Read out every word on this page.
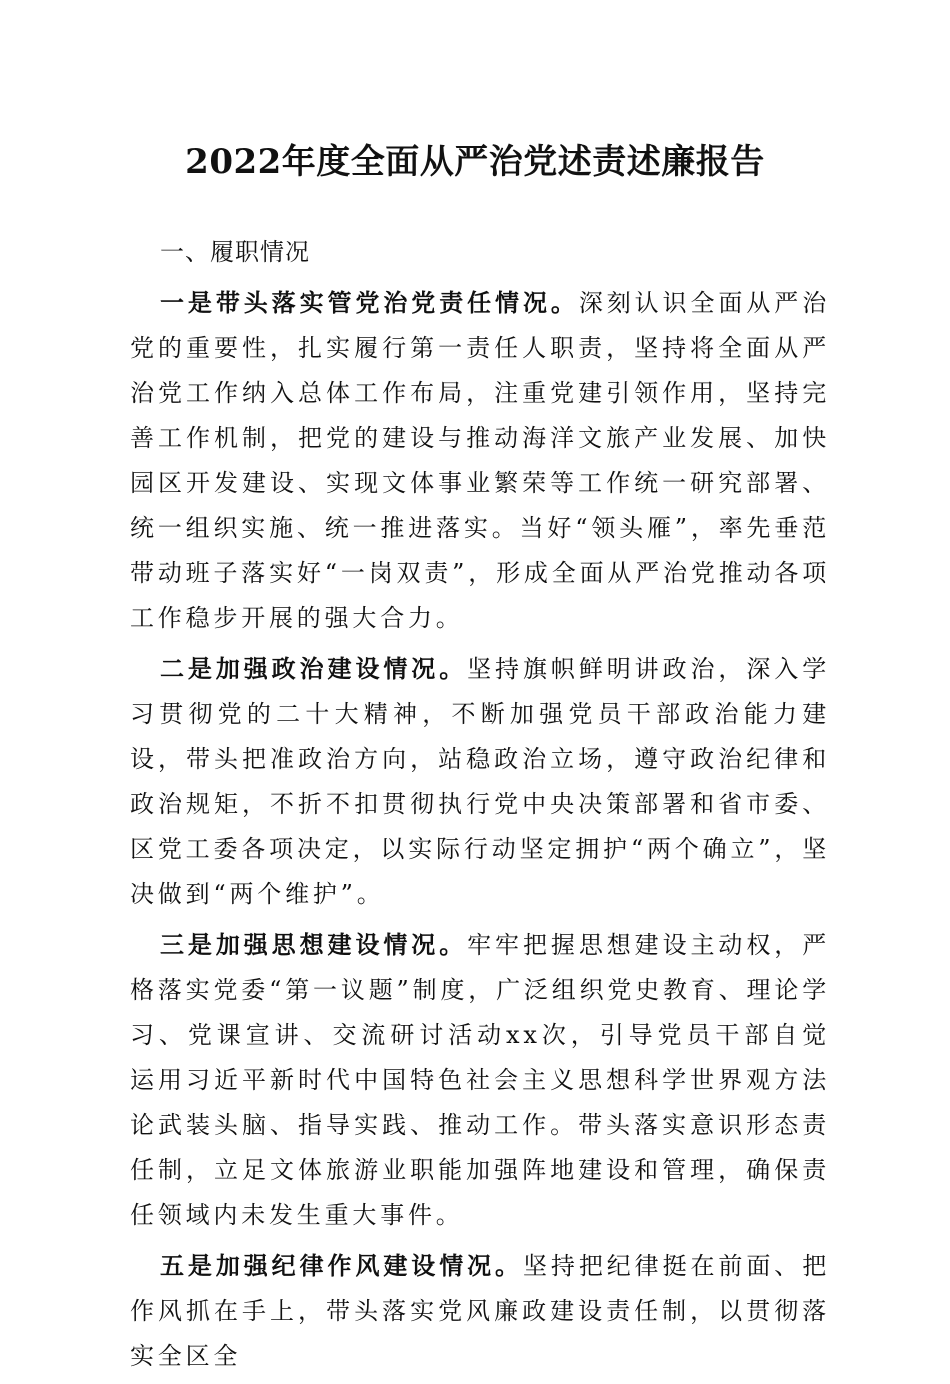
2022年度全面从严治党述责述廉报告

一、履职情况

一是带头落实管党治党责任情况。深刻认识全面从严治党的重要性，扎实履行第一责任人职责，坚持将全面从严治党工作纳入总体工作布局，注重党建引领作用，坚持完善工作机制，把党的建设与推动海洋文旅产业发展、加快园区开发建设、实现文体事业繁荣等工作统一研究部署、统一组织实施、统一推进落实。当好“领头雁”，率先垂范带动班子落实好“一岗双责”，形成全面从严治党推动各项工作稳步开展的强大合力。

二是加强政治建设情况。坚持旗帜鲜明讲政治，深入学习贯彻党的二十大精神，不断加强党员干部政治能力建设，带头把准政治方向，站稳政治立场，遵守政治纪律和政治规矩，不折不扣贯彻执行党中央决策部署和省市委、区党工委各项决定，以实际行动坚定拥护“两个确立”，坚决做到“两个维护”。

三是加强思想建设情况。牢牢把握思想建设主动权，严格落实党委“第一议题”制度，广泛组织党史教育、理论学习、党课宣讲、交流研讨活动xx次，引导党员干部自觉运用习近平新时代中国特色社会主义思想科学世界观方法论武装头脑、指导实践、推动工作。带头落实意识形态责任制，立足文体旅游业职能加强阵地建设和管理，确保责任领域内未发生重大事件。

五是加强纪律作风建设情况。坚持把纪律挺在前面、把作风抓在手上，带头落实党风廉政建设责任制，以贯彻落实全区全
